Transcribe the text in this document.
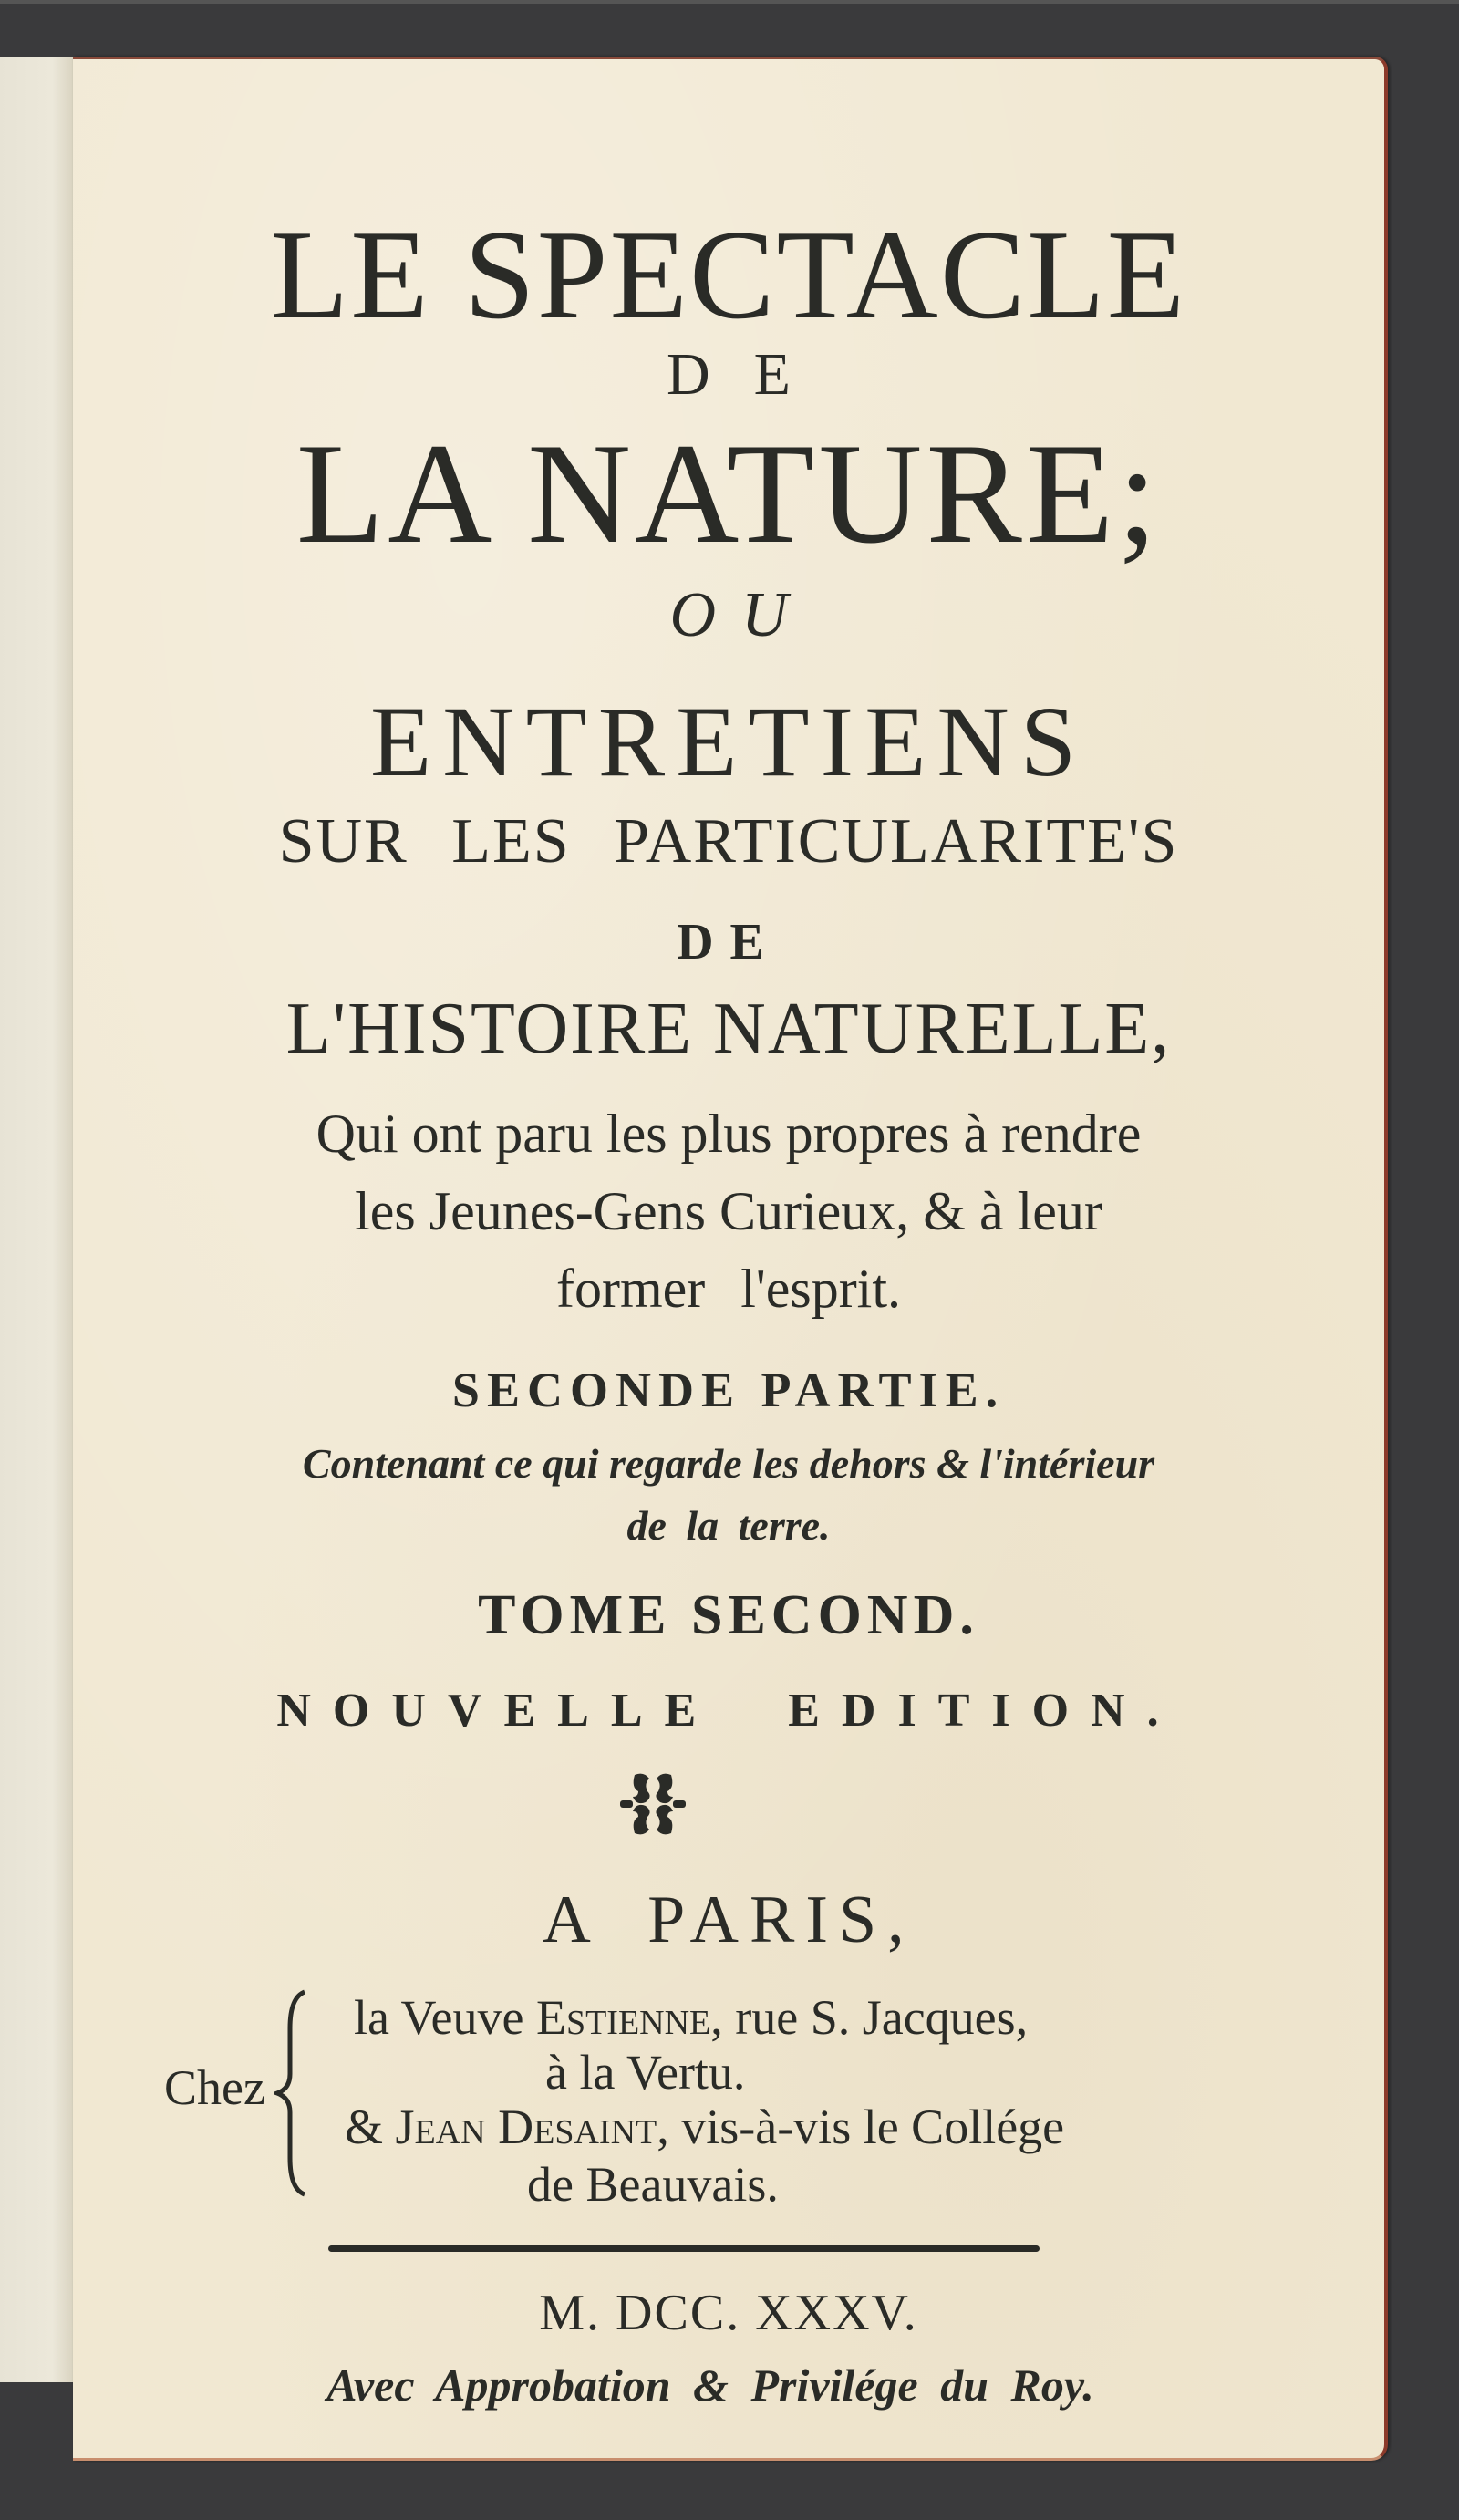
LE SPECTACLE
DE
LA NATURE;
OU
ENTRETIENS
SUR LES PARTICULARITE'S
DE
L'HISTOIRE NATURELLE,
Qui ont paru les plus propres à rendre
les Jeunes-Gens Curieux, & à leur
former l'esprit.
SECONDE PARTIE.
Contenant ce qui regarde les dehors & l'intérieur
de la terre.
TOME SECOND.
NOUVELLE EDITION.
A PARIS,
Chez
la Veuve Estienne, rue S. Jacques,
à la Vertu.
& Jean Desaint, vis-à-vis le Collége
de Beauvais.
M. DCC. XXXV.
Avec Approbation & Privilége du Roy.
